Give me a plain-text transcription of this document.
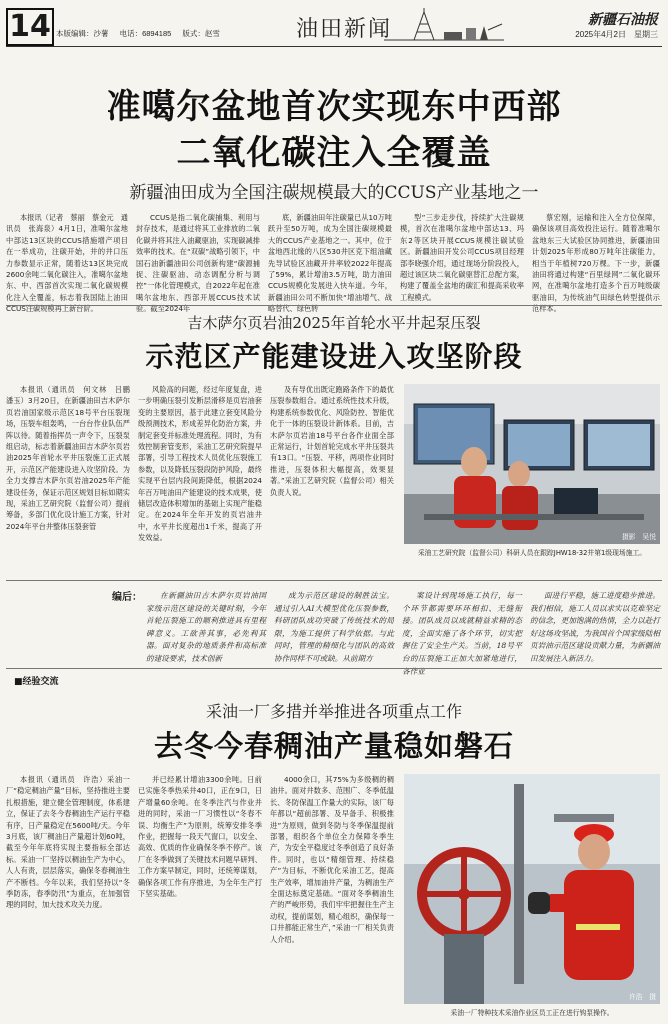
14 本版编辑：沙薯 电话：6894185 版式：赵雪	油田新闻	新疆石油报
2025年4月2日　星期三
准噶尔盆地首次实现东中西部
二氧化碳注入全覆盖
新疆油田成为全国注碳规模最大的CCUS产业基地之一

本报讯（记者　蔡丽　蔡金元　通讯员　张海泉）4月1日，准噶尔盆地中部达13区块的CCUS措施增产项目在一举成功，注碳开始，井的井口压力参数显示正常，随着达13区块完成2600余吨二氧化碳注入，准噶尔盆地东、中、西部首次实现二氧化碳规模化注入全覆盖，标志着我国陆上油田CCUS注碳规模再上新台阶。

CCUS是指二氧化碳捕集、利用与封存技术，是通过将其工业排放的二氧化碳并将其注入油藏驱油，实现碳减排效率的技术。在“双碳”战略引领下，中国石油新疆油田公司创新构建“碳源捕捉、注碳驱油、动态调配分析与调控”一体化管理模式，自2022年起在准噶尔盆地东、西部开展CCUS技术试验。截至2024年

底，新疆油田年注碳量已从10万吨跃升至50万吨，成为全国注碳规模最大的CCUS产业基地之一。其中，位于盆地西北缘的八区530井区克下组油藏先导试验区油藏开井率较2022年提高了59%，累计增油3.5万吨，助力油田CCUS规模化发展进入快车道。今年，新疆油田公司不断加快“增油增气、战略替代、绿色转

型”三步走步伐，持续扩大注碳规模，首次在准噶尔盆地中部达13、玛东2等区块开展CCUS规模注碳试验区。新疆油田开发公司CCUS项目经理部李晓强介绍，通过现场分阶段投入，超过该区块二氧化碳驱替汇总配方案，构建了覆盖全盆地的碳汇和提高采收率工程模式。

蔡宏刚，运输和注入全方位保障，确保该项目高效投注运行。随着准噶尔盆地东三大试验区协同推进，新疆油田计划2025年形成80万吨年注碳能力，相当于年植树720万棵。下一步，新疆油田将通过构建“百里绿网”二氧化碳环网，在准噶尔盆地打造多个百万吨级碳驱油田，为传统油气田绿色转型提供示范样本。

吉木萨尔页岩油2025年首轮水平井起泵压裂
示范区产能建设进入攻坚阶段

本报讯（通讯员　何文林　吕鹏　潘玉）3月20日，在新疆油田吉木萨尔页岩油国家级示范区18号平台压裂现场，压裂车组轰鸣，一台台作业队伍严阵以待。随着指挥员一声令下，压裂泵组启动，标志着新疆油田吉木萨尔页岩油2025年首轮水平井压裂施工正式展开，示范区产能建设进入攻坚阶段。为全力支撑吉木萨尔页岩油2025年产能建设任务，保证示范区规划目标如期实现，采油工艺研究院（监督公司）提前筹备，多部门优化设计施工方案，针对2024年平台井整体压裂套管

风险高的问题，经过年度复盘，进一步明确压裂引发断层滑移是页岩油套变的主要原因，基于此建立套变风险分级预测技术，形成差异化防治方案，并制定套变并标准处理流程。同时，为有效控制套管变形，采油工艺研究院提早部署，引导工程技术人员优化压裂施工参数，以及降低压裂段防护风险，最终实现平台层内段间距降低，根据2024年百万吨油田产能建设的技术成果，使储层改造体积增加的基础上实现产能稳定。在2024年全年开发的页岩油井中，水平井长度超出1千米，提高了开发效益。

及有导优出既定跑路条件下的最优压裂参数组合。通过系统性技术升级，构建系统参数优化、风险防控、智能优化于一体的压裂设计新体系。目前，吉木萨尔页岩油18号平台各作业面全部正常运行，计划首轮完成水平井压裂共有13口。“压裂、平移，两项作业同时推进，压裂体积大幅提高，效果显著。”采油工艺研究院（监督公司）相关负责人说。

摄影　吴悦
采油工艺研究院（监督公司）科研人员在跟踪JHW18-32井第1级现场施工。
编后：	在新疆油田吉木萨尔页岩油国家级示范区建设的关键时刻，今年首轮压裂施工的顺利推进具有里程碑意义。工欲善其事，必先利其器。面对复杂的地质条件和高标准的建设要求，技术创新

成为示范区建设的制胜法宝。通过引入AI大模型优化压裂参数，科研团队成功突破了传统技术的局限，为施工提供了科学依据。与此同时，管理的精细化与团队的高效协作同样不可或缺。从前期方

案设计到现场施工执行，每一个环节都需要环环相扣、无缝衔接。团队成员以成就精益求精的态度，全面实施了各个环节，切实把握住了安全生产关。当前，18号平台的压裂施工正加大加紧地进行，各作业

面进行平稳，施工进度稳步推进。我们相信，施工人员以求实以克难坚定的信念，更加饱满的热情，全力以赴打好这场攻坚战，为我国首个国家级陆相页岩油示范区建设贡献力量，为新疆油田发展注入新活力。

■经验交流
采油一厂多措并举推进各项重点工作
去冬今春稠油产量稳如磐石

本报讯（通讯员　许浩）采油一厂“稳定稠油产量”目标，坚持推进主要扎根措施，建立健全管理制度，体系建立，保证了去冬今春稠油生产运行平稳有序，日产量稳定在5600吨/天。今年3月底，该厂稠油日产量超计划60吨，截至今年年底将实现主要指标全部达标。采油一厂坚持以稠油生产为中心，人人有责，层层落实，确保冬春稠油生产不断档。今年以来，我们坚持以“冬季防冻，春季防汛”为重点，在加强管理的同时，加大技术攻关力度。

并已经累计增油3300余吨。日前已实施冬季热采井40口，正在9口，日产增量60余吨。在冬季注汽与作业并进的同时，采油一厂习惯性以“冬春不误、均衡生产”为原则，统筹安排冬季作业，把握每一段天气窗口，以安全、高效、优质的作业确保冬季不停产。该厂在冬季做到了关键技术问题早研判、工作方案早制定，同时，还统筹谋划，确保各项工作有序推进，为全年生产打下坚实基础。

4000余口，其75%为多级稠的稠油井。面对井数多、范围广、冬季低温长、冬防保温工作量大的实际，该厂每年都以“超前部署、及早备手、积极推进”为原则，做到冬防与冬季保温提前部署，组织各个单位全力保障冬季生产，为安全平稳度过冬季创造了良好条件。同时，也以“精细管理、持续稳产”为目标，不断优化采油工艺，提高生产效率，增加油井产量，为稠油生产全面达标奠定基础。“面对冬季稠油生产的严峻形势，我们牢牢把握住生产主动权，提前谋划，精心组织，确保每一口井都能正常生产，”采油一厂相关负责人介绍。

许浩　摄
采油一厂特种技术采油作业区员工正在进行钩泵操作。
